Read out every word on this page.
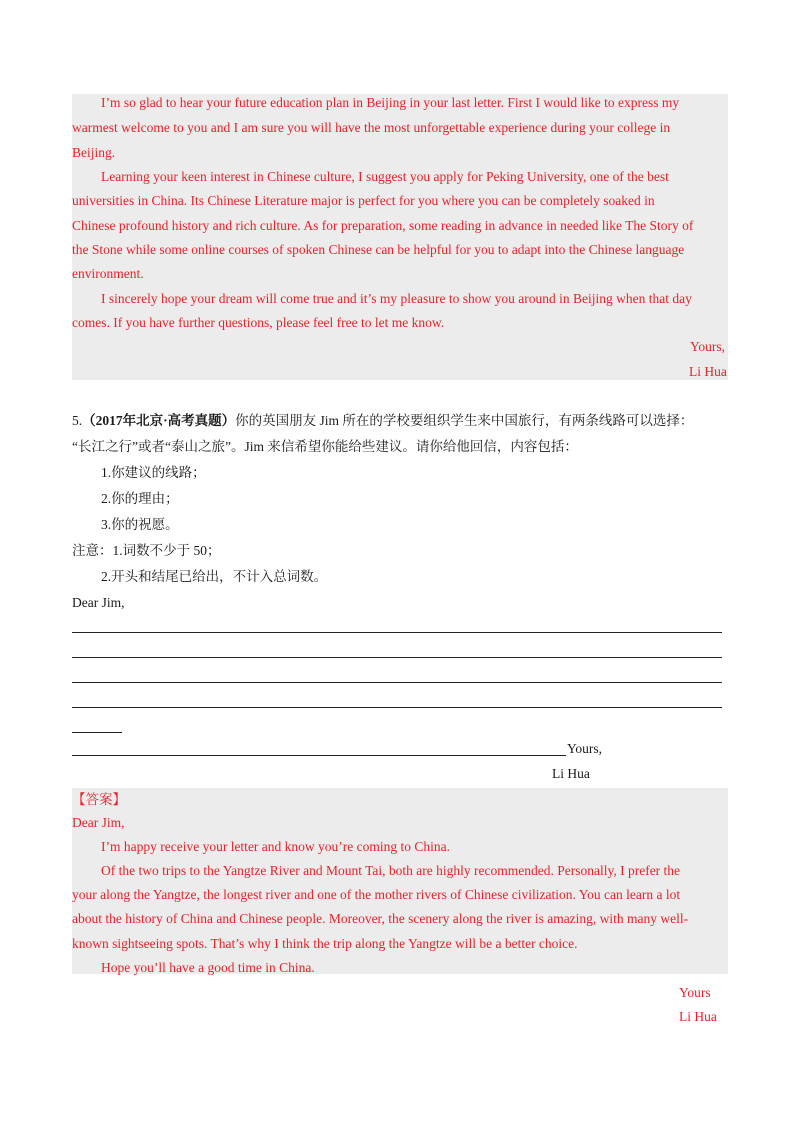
I’m so glad to hear your future education plan in Beijing in your last letter. First I would like to express my
warmest welcome to you and I am sure you will have the most unforgettable experience during your college in
Beijing.
Learning your keen interest in Chinese culture, I suggest you apply for Peking University, one of the best
universities in China. Its Chinese Literature major is perfect for you where you can be completely soaked in
Chinese profound history and rich culture. As for preparation, some reading in advance in needed like The Story of
the Stone while some online courses of spoken Chinese can be helpful for you to adapt into the Chinese language
environment.
I sincerely hope your dream will come true and it’s my pleasure to show you around in Beijing when that day
comes. If you have further questions, please feel free to let me know.
Yours,
Li Hua
5.（2017年北京·高考真题）你的英国朋友 Jim 所在的学校要组织学生来中国旅行，有两条线路可以选择：
“长江之行”或者“泰山之旅”。Jim 来信希望你能给些建议。请你给他回信，内容包括：
1.你建议的线路；
2.你的理由；
3.你的祝愿。
注意：1.词数不少于 50；
2.开头和结尾已给出，不计入总词数。
Dear Jim,
Yours,
Li Hua
【答案】
Dear Jim,
I’m happy receive your letter and know you’re coming to China.
Of the two trips to the Yangtze River and Mount Tai, both are highly recommended. Personally, I prefer the
your along the Yangtze, the longest river and one of the mother rivers of Chinese civilization. You can learn a lot
about the history of China and Chinese people. Moreover, the scenery along the river is amazing, with many well-
known sightseeing spots. That’s why I think the trip along the Yangtze will be a better choice.
Hope you’ll have a good time in China.
Yours
Li Hua
